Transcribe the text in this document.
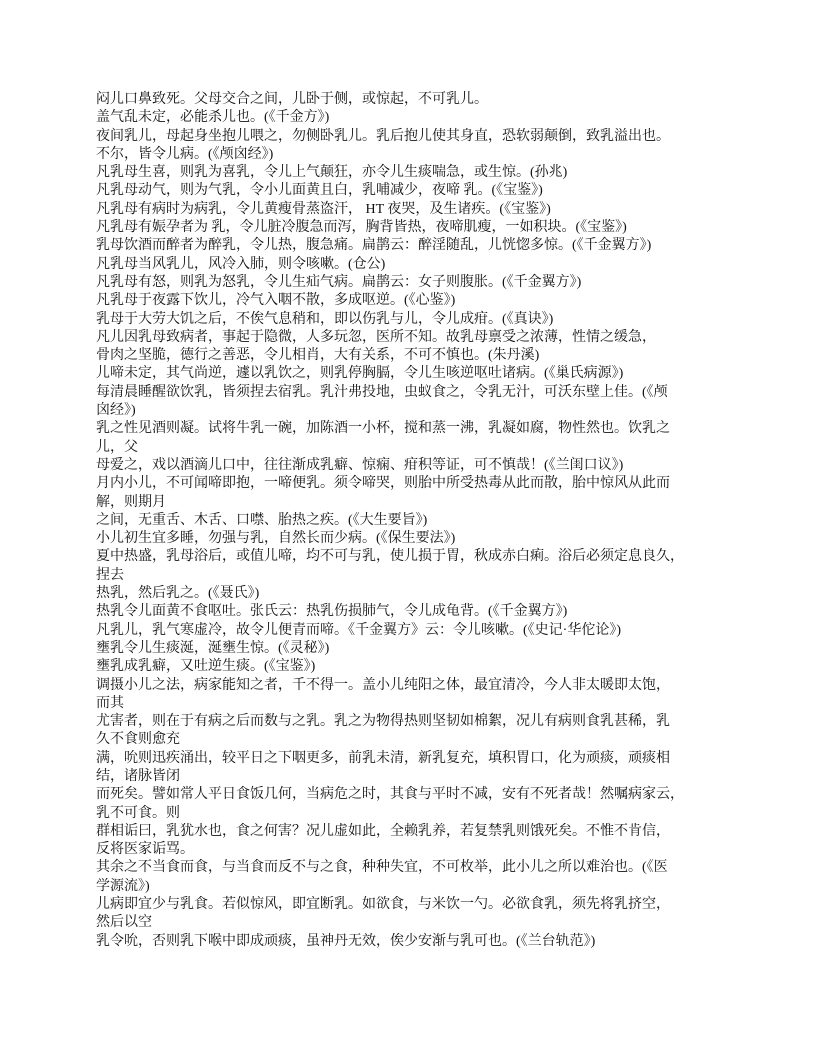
闷儿口鼻致死。父母交合之间，儿卧于侧，或惊起，不可乳儿。
盖气乱未定，必能杀儿也。(《千金方》)
夜间乳儿，母起身坐抱儿喂之，勿侧卧乳儿。乳后抱儿使其身直，恐软弱颠倒，致乳溢出也。
不尔，皆令儿病。(《颅囟经》)
凡乳母生喜，则乳为喜乳，令儿上气颠狂，亦令儿生痰喘急，或生惊。(孙兆)
凡乳母动气，则为气乳，令小儿面黄且白，乳哺减少，夜啼 乳。(《宝鉴》)
凡乳母有病时为病乳，令儿黄瘦骨蒸盗汗， HT 夜哭，及生诸疾。(《宝鉴》)
凡乳母有娠孕者为 乳，令儿脏冷腹急而泻，胸背皆热，夜啼肌瘦，一如积块。(《宝鉴》)
乳母饮酒而醉者为醉乳，令儿热，腹急痛。扁鹊云：醉淫随乱，儿恍惚多惊。(《千金翼方》)
凡乳母当风乳儿，风冷入肺，则令咳嗽。(仓公)
凡乳母有怒，则乳为怒乳，令儿生疝气病。扁鹊云：女子则腹胀。(《千金翼方》)
凡乳母于夜露下饮儿，冷气入咽不散，多成呕逆。(《心鉴》)
乳母于大劳大饥之后，不俟气息稍和，即以伤乳与儿，令儿成疳。(《真诀》)
凡儿因乳母致病者，事起于隐微，人多玩忽，医所不知。故乳母禀受之浓薄，性情之缓急，
骨肉之坚脆，德行之善恶，令儿相肖，大有关系，不可不慎也。(朱丹溪)
儿啼未定，其气尚逆，遽以乳饮之，则乳停胸膈，令儿生咳逆呕吐诸病。(《巢氏病源》)
每清晨睡醒欲饮乳，皆须捏去宿乳。乳汁弗投地，虫蚁食之，令乳无汁，可沃东壁上佳。(《颅
囟经》)
乳之性见酒则凝。试将牛乳一碗，加陈酒一小杯，搅和蒸一沸，乳凝如腐，物性然也。饮乳之
儿，父
母爱之，戏以酒滴儿口中，往往渐成乳癖、惊痫、疳积等证，可不慎哉！(《兰闺口议》)
月内小儿，不可闻啼即抱，一啼便乳。须令啼哭，则胎中所受热毒从此而散，胎中惊风从此而
解，则期月
之间，无重舌、木舌、口噤、胎热之疾。(《大生要旨》)
小儿初生宜多睡，勿强与乳，自然长而少病。(《保生要法》)
夏中热盛，乳母浴后，或值儿啼，均不可与乳，使儿损于胃，秋成赤白痢。浴后必须定息良久，
捏去
热乳，然后乳之。(《聂氏》)
热乳令儿面黄不食呕吐。张氏云：热乳伤损肺气，令儿成龟背。(《千金翼方》)
凡乳儿，乳气寒虚冷，故令儿便青而啼。《千金翼方》云：令儿咳嗽。(《史记·华佗论》)
壅乳令儿生痰涎，涎壅生惊。(《灵秘》)
壅乳成乳癖，又吐逆生痰。(《宝鉴》)
调摄小儿之法，病家能知之者，千不得一。盖小儿纯阳之体，最宜清冷，今人非太暖即太饱，
而其
尤害者，则在于有病之后而数与之乳。乳之为物得热则坚韧如棉絮，况儿有病则食乳甚稀，乳
久不食则愈充
满，吮则迅疾涌出，较平日之下咽更多，前乳未清，新乳复充，填积胃口，化为顽痰，顽痰相
结，诸脉皆闭
而死矣。譬如常人平日食饭几何，当病危之时，其食与平时不减，安有不死者哉！然嘱病家云，
乳不可食。则
群相诟曰，乳犹水也，食之何害？况儿虚如此，全赖乳养，若复禁乳则饿死矣。不惟不肯信，
反将医家诟骂。
其余之不当食而食，与当食而反不与之食，种种失宜，不可枚举，此小儿之所以难治也。(《医
学源流》)
儿病即宜少与乳食。若似惊风，即宜断乳。如欲食，与米饮一勺。必欲食乳，须先将乳挤空，
然后以空
乳令吮，否则乳下喉中即成顽痰，虽神丹无效，俟少安渐与乳可也。(《兰台轨范》)
